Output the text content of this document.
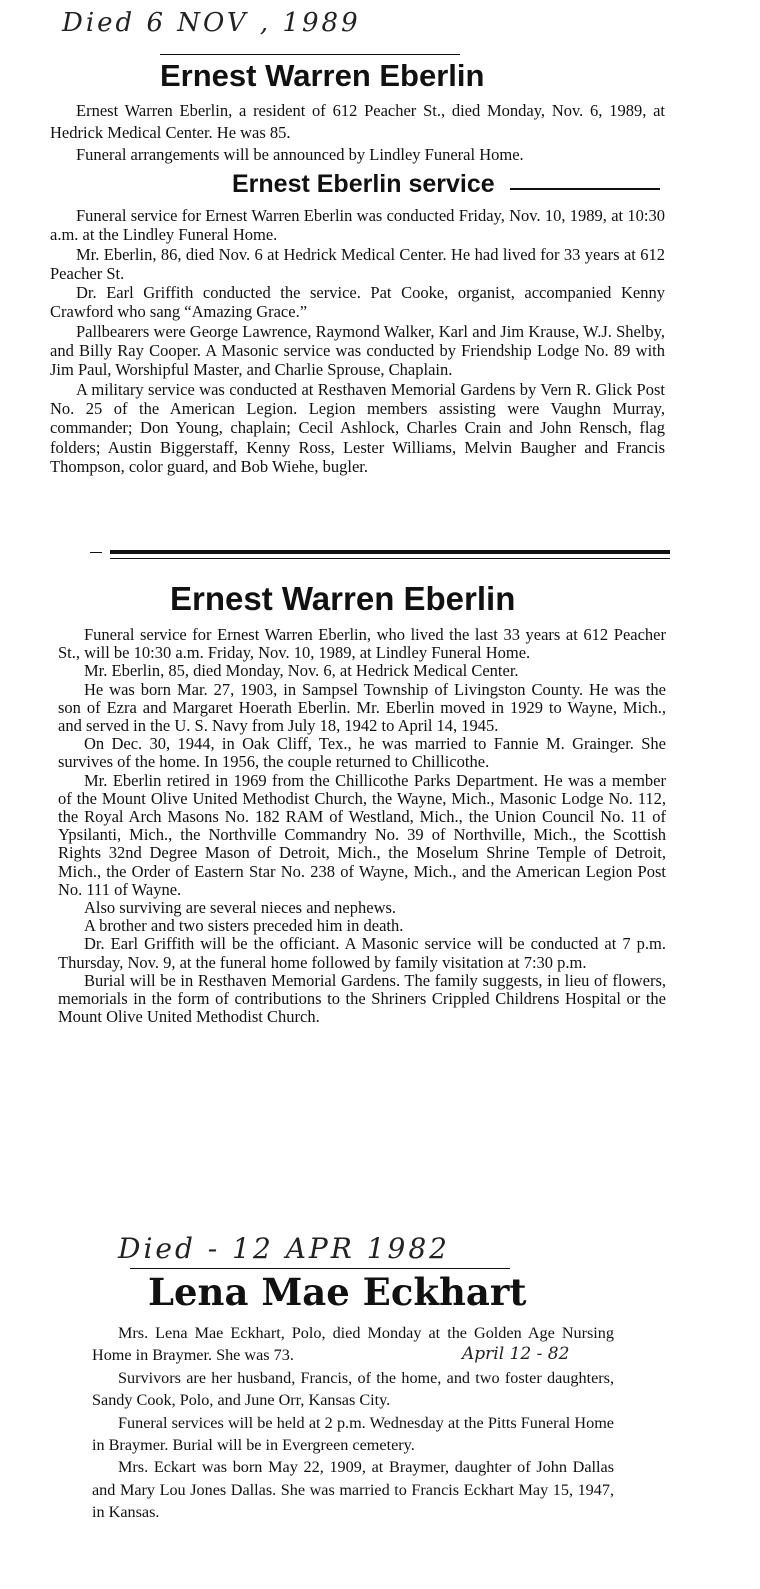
Died 6 NOV , 1989
Ernest Warren Eberlin

Ernest Warren Eberlin, a resident of 612 Peacher St., died Monday, Nov. 6, 1989, at Hedrick Medical Center. He was 85.

Funeral arrangements will be announced by Lindley Funeral Home.

Ernest Eberlin service

Funeral service for Ernest Warren Eberlin was conducted Friday, Nov. 10, 1989, at 10:30 a.m. at the Lindley Funeral Home.

Mr. Eberlin, 86, died Nov. 6 at Hedrick Medical Center. He had lived for 33 years at 612 Peacher St.

Dr. Earl Griffith conducted the service. Pat Cooke, organist, accompanied Kenny Crawford who sang “Amazing Grace.”

Pallbearers were George Lawrence, Raymond Walker, Karl and Jim Krause, W.J. Shelby, and Billy Ray Cooper. A Masonic service was conducted by Friendship Lodge No. 89 with Jim Paul, Worshipful Master, and Charlie Sprouse, Chaplain.

A military service was conducted at Resthaven Memorial Gardens by Vern R. Glick Post No. 25 of the American Legion. Legion members assisting were Vaughn Murray, commander; Don Young, chaplain; Cecil Ashlock, Charles Crain and John Rensch, flag folders; Austin Biggerstaff, Kenny Ross, Lester Williams, Melvin Baugher and Francis Thompson, color guard, and Bob Wiehe, bugler.

Ernest Warren Eberlin

Funeral service for Ernest Warren Eberlin, who lived the last 33 years at 612 Peacher St., will be 10:30 a.m. Friday, Nov. 10, 1989, at Lindley Funeral Home.

Mr. Eberlin, 85, died Monday, Nov. 6, at Hedrick Medical Center.

He was born Mar. 27, 1903, in Sampsel Township of Livingston County. He was the son of Ezra and Margaret Hoerath Eberlin. Mr. Eberlin moved in 1929 to Wayne, Mich., and served in the U. S. Navy from July 18, 1942 to April 14, 1945.

On Dec. 30, 1944, in Oak Cliff, Tex., he was married to Fannie M. Grainger. She survives of the home. In 1956, the couple returned to Chillicothe.

Mr. Eberlin retired in 1969 from the Chillicothe Parks Department. He was a member of the Mount Olive United Methodist Church, the Wayne, Mich., Masonic Lodge No. 112, the Royal Arch Masons No. 182 RAM of Westland, Mich., the Union Council No. 11 of Ypsilanti, Mich., the Northville Commandry No. 39 of Northville, Mich., the Scottish Rights 32nd Degree Mason of Detroit, Mich., the Moselum Shrine Temple of Detroit, Mich., the Order of Eastern Star No. 238 of Wayne, Mich., and the American Legion Post No. 111 of Wayne.

Also surviving are several nieces and nephews.

A brother and two sisters preceded him in death.

Dr. Earl Griffith will be the officiant. A Masonic service will be conducted at 7 p.m. Thursday, Nov. 9, at the funeral home followed by family visitation at 7:30 p.m.

Burial will be in Resthaven Memorial Gardens. The family suggests, in lieu of flowers, memorials in the form of contributions to the Shriners Crippled Childrens Hospital or the Mount Olive United Methodist Church.

Died - 12 APR 1982
Lena Mae Eckhart
April 12 - 82

Mrs. Lena Mae Eckhart, Polo, died Monday at the Golden Age Nursing Home in Braymer. She was 73.

Survivors are her husband, Francis, of the home, and two foster daughters, Sandy Cook, Polo, and June Orr, Kansas City.

Funeral services will be held at 2 p.m. Wednesday at the Pitts Funeral Home in Braymer. Burial will be in Evergreen cemetery.

Mrs. Eckart was born May 22, 1909, at Braymer, daughter of John Dallas and Mary Lou Jones Dallas. She was married to Francis Eckhart May 15, 1947, in Kansas.
